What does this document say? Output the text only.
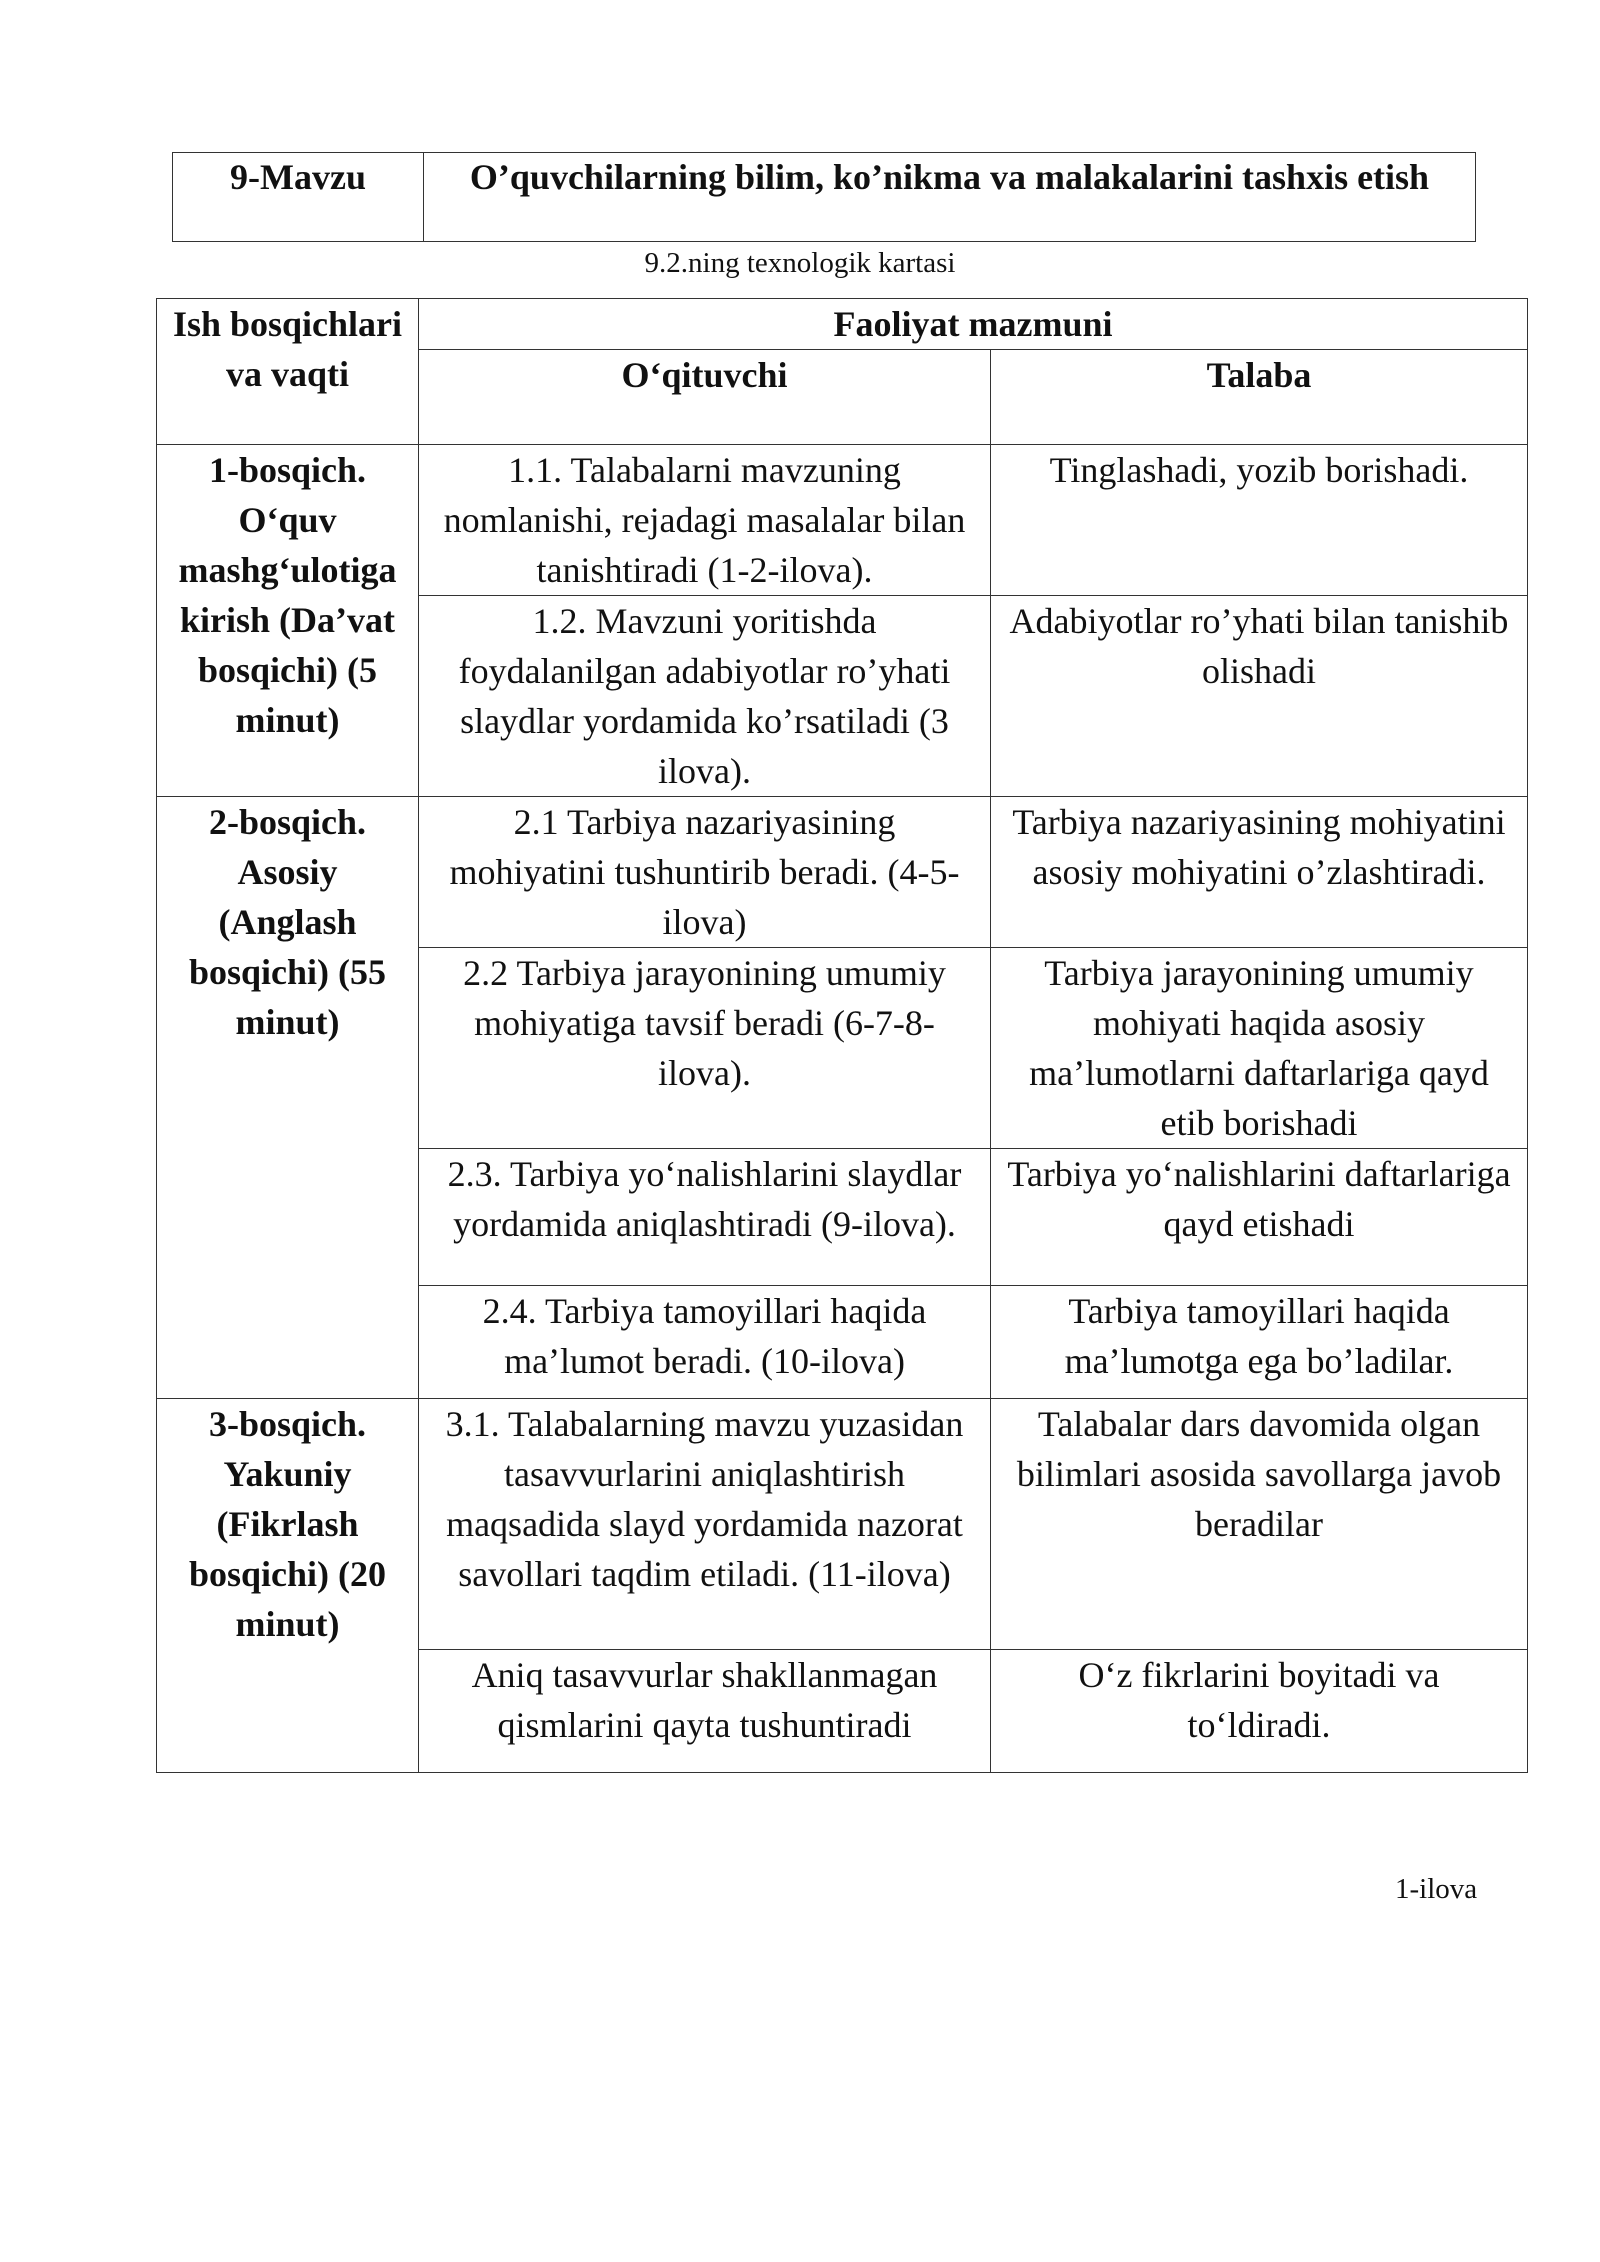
9-Mavzu	O’quvchilarning bilim, ko’nikma va malakalarini tashxis etish
9.2.ning texnologik kartasi
Ish bosqichlari va vaqti	Faoliyat mazmuni	
	O‘qituvchi	Talaba
1-bosqich. O‘quv mashg‘ulotiga kirish (Da’vat bosqichi) (5 minut)	1.1. Talabalarni mavzuning nomlanishi, rejadagi masalalar bilan tanishtiradi (1-2-ilova).	Tinglashadi, yozib borishadi.
	1.2. Mavzuni yoritishda foydalanilgan adabiyotlar ro’yhati slaydlar yordamida ko’rsatiladi (3 ilova).	Adabiyotlar ro’yhati bilan tanishib olishadi
2-bosqich. Asosiy (Anglash bosqichi) (55 minut)	2.1 Tarbiya nazariyasining mohiyatini tushuntirib beradi. (4-5-ilova)	Tarbiya nazariyasining mohiyatini asosiy mohiyatini o’zlashtiradi.
	2.2 Tarbiya jarayonining umumiy mohiyatiga tavsif beradi (6-7-8-ilova).	Tarbiya jarayonining umumiy mohiyati haqida asosiy ma’lumotlarni daftarlariga qayd etib borishadi
	2.3. Tarbiya yo‘nalishlarini slaydlar yordamida aniqlashtiradi (9-ilova).	Tarbiya yo‘nalishlarini daftarlariga qayd etishadi
	2.4. Tarbiya tamoyillari haqida ma’lumot beradi. (10-ilova)	Tarbiya tamoyillari haqida ma’lumotga ega bo’ladilar.
3-bosqich. Yakuniy (Fikrlash bosqichi) (20 minut)	3.1. Talabalarning mavzu yuzasidan tasavvurlarini aniqlashtirish maqsadida slayd yordamida nazorat savollari taqdim etiladi. (11-ilova)	Talabalar dars davomida olgan bilimlari asosida savollarga javob beradilar
	Aniq tasavvurlar shakllanmagan qismlarini qayta tushuntiradi	O‘z fikrlarini boyitadi va to‘ldiradi.
1-ilova
